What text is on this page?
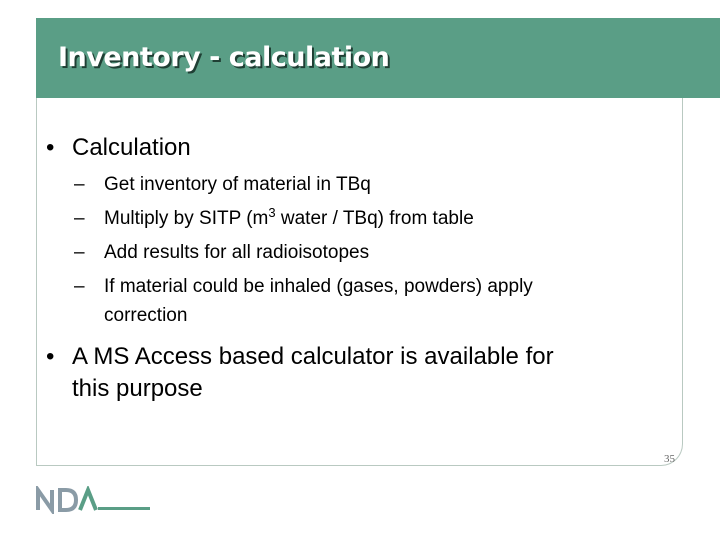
Inventory - calculation
• Calculation
– Get inventory of material in TBq
– Multiply by SITP ($m^3$ water / TBq) from table
– Add results for all radioisotopes
– If material could be inhaled (gases, powders) apply
correction
• A MS Access based calculator is available for
this purpose
35
